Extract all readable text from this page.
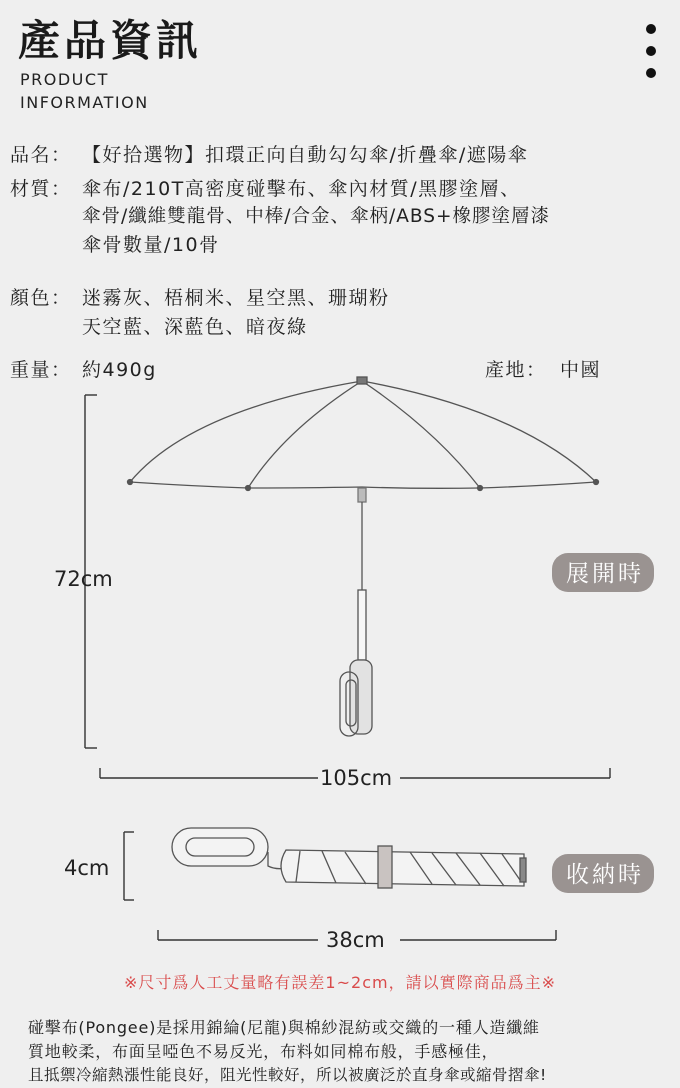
產品資訊
PRODUCT
INFORMATION
品名： 【好拾選物】扣環正向自動勾勾傘/折疊傘/遮陽傘
材質： 傘布/210T高密度碰擊布、傘內材質/黑膠塗層、
傘骨/纖維雙龍骨、中棒/合金、傘柄/ABS+橡膠塗層漆
傘骨數量/10骨
顏色： 迷霧灰、梧桐米、星空黑、珊瑚粉
天空藍、深藍色、暗夜綠
重量： 約490g	產地： 中國
72cm
105cm
4cm
38cm
展開時
收納時
※尺寸爲人工丈量略有誤差1~2cm，請以實際商品爲主※
碰擊布(Pongee)是採用錦綸(尼龍)與棉紗混紡或交織的一種人造纖維
質地較柔，布面呈啞色不易反光，布料如同棉布般，手感極佳，
且抵禦冷縮熱漲性能良好，阻光性較好，所以被廣泛於直身傘或縮骨摺傘!
